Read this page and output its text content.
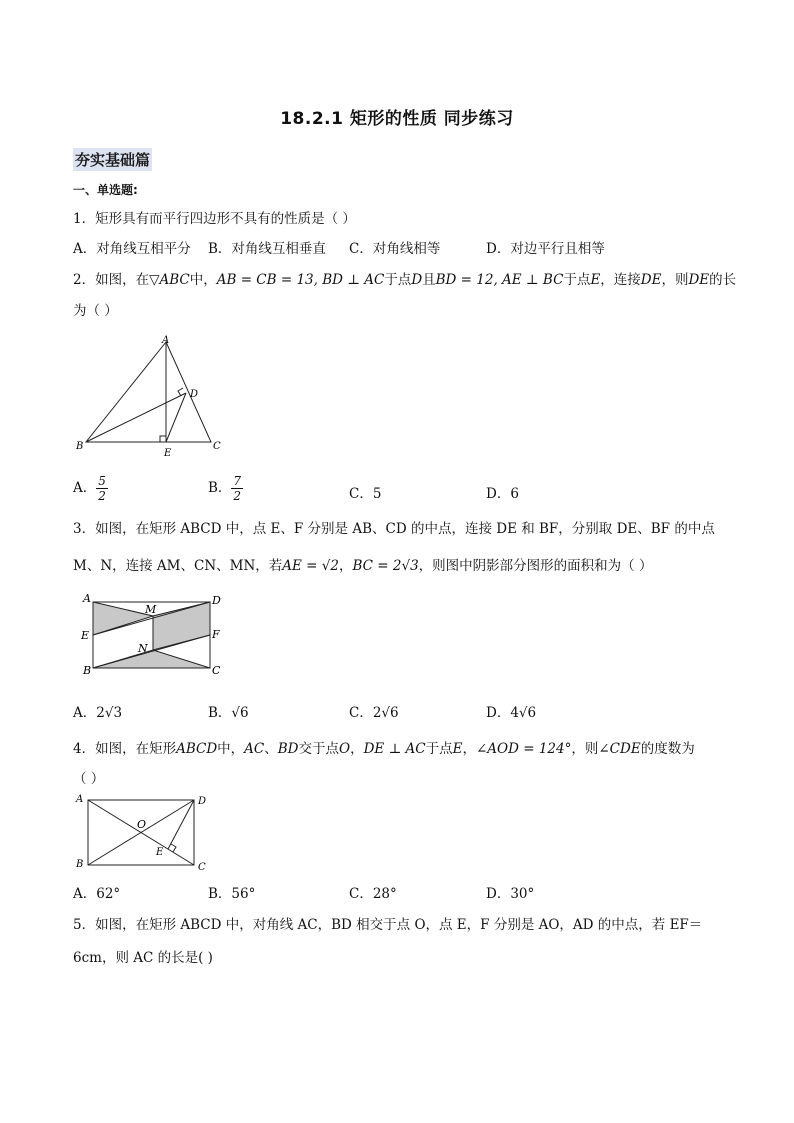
18.2.1 矩形的性质 同步练习
夯实基础篇
一、单选题:
1．矩形具有而平行四边形不具有的性质是（ ）
A．对角线互相平分 B．对角线互相垂直 C．对角线相等	D．对边平行且相等
2．如图，在▽ABC中，AB = CB = 13, BD ⊥ AC于点D且BD = 12, AE ⊥ BC于点E，连接DE，则DE的长
为（ ）
A
B	C
D
E
A． $\frac{5}{2}$	B． $\frac{7}{2}$	C．5	D．6
3．如图，在矩形 ABCD 中，点 E、F 分别是 AB、CD 的中点，连接 DE 和 BF，分别取 DE、BF 的中点
M、N，连接 AM、CN、MN，若AE = √2，BC = 2√3，则图中阴影部分图形的面积和为（ ）
A	D
E	F
B	C
M
N
A．2√3	B．√6	C．2√6	D．4√6
4．如图，在矩形ABCD中，AC、BD交于点O，DE ⊥ AC于点E，∠AOD = 124°，则∠CDE的度数为
（ ）
A	D
B	C
O
E
A．62°	B．56°	C．28°	D．30°
5．如图，在矩形 ABCD 中，对角线 AC，BD 相交于点 O，点 E，F 分别是 AO，AD 的中点，若 EF＝
6cm，则 AC 的长是( )
